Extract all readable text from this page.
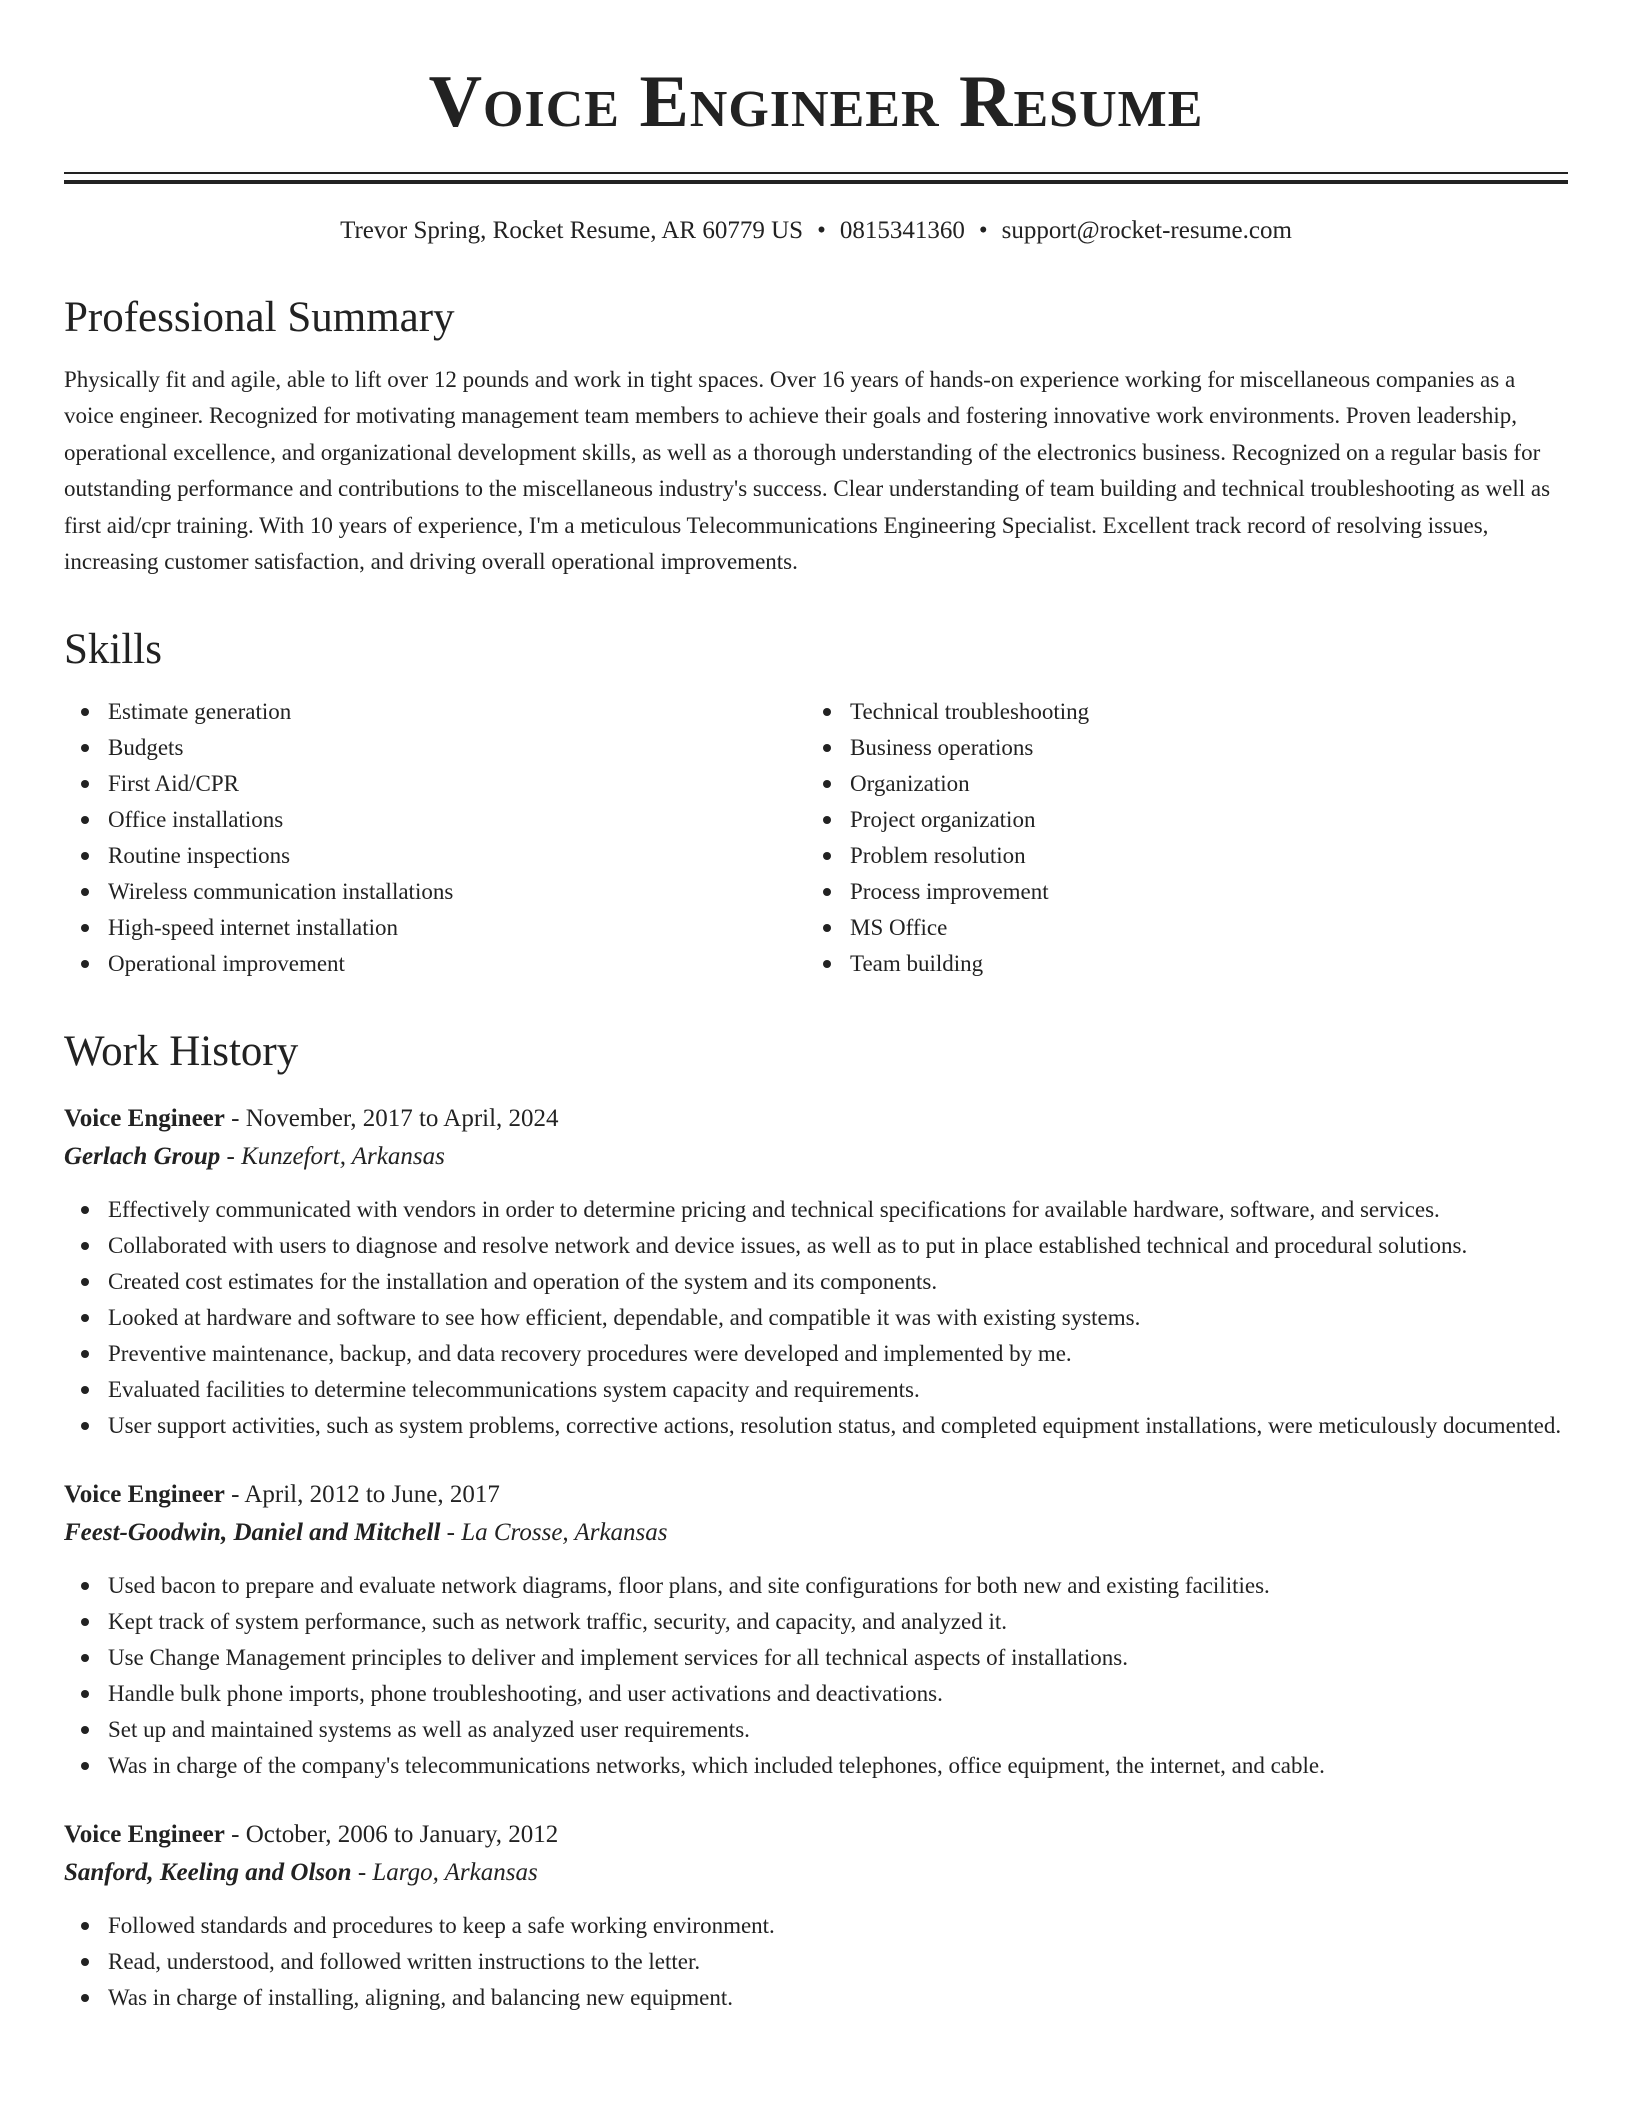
Voice Engineer Resume
Trevor Spring, Rocket Resume, AR 60779 US • 0815341360 • support@rocket-resume.com
Professional Summary

Physically fit and agile, able to lift over 12 pounds and work in tight spaces. Over 16 years of hands-on experience working for miscellaneous companies as a voice engineer. Recognized for motivating management team members to achieve their goals and fostering innovative work environments. Proven leadership, operational excellence, and organizational development skills, as well as a thorough understanding of the electronics business. Recognized on a regular basis for outstanding performance and contributions to the miscellaneous industry's success. Clear understanding of team building and technical troubleshooting as well as first aid/cpr training. With 10 years of experience, I'm a meticulous Telecommunications Engineering Specialist. Excellent track record of resolving issues, increasing customer satisfaction, and driving overall operational improvements.

Skills
Estimate generation
Budgets
First Aid/CPR
Office installations
Routine inspections
Wireless communication installations
High-speed internet installation
Operational improvement
Technical troubleshooting
Business operations
Organization
Project organization
Problem resolution
Process improvement
MS Office
Team building
Work History
Voice Engineer - November, 2017 to April, 2024
Gerlach Group - Kunzefort, Arkansas
Effectively communicated with vendors in order to determine pricing and technical specifications for available hardware, software, and services.
Collaborated with users to diagnose and resolve network and device issues, as well as to put in place established technical and procedural solutions.
Created cost estimates for the installation and operation of the system and its components.
Looked at hardware and software to see how efficient, dependable, and compatible it was with existing systems.
Preventive maintenance, backup, and data recovery procedures were developed and implemented by me.
Evaluated facilities to determine telecommunications system capacity and requirements.
User support activities, such as system problems, corrective actions, resolution status, and completed equipment installations, were meticulously documented.
Voice Engineer - April, 2012 to June, 2017
Feest-Goodwin, Daniel and Mitchell - La Crosse, Arkansas
Used bacon to prepare and evaluate network diagrams, floor plans, and site configurations for both new and existing facilities.
Kept track of system performance, such as network traffic, security, and capacity, and analyzed it.
Use Change Management principles to deliver and implement services for all technical aspects of installations.
Handle bulk phone imports, phone troubleshooting, and user activations and deactivations.
Set up and maintained systems as well as analyzed user requirements.
Was in charge of the company's telecommunications networks, which included telephones, office equipment, the internet, and cable.
Voice Engineer - October, 2006 to January, 2012
Sanford, Keeling and Olson - Largo, Arkansas
Followed standards and procedures to keep a safe working environment.
Read, understood, and followed written instructions to the letter.
Was in charge of installing, aligning, and balancing new equipment.
